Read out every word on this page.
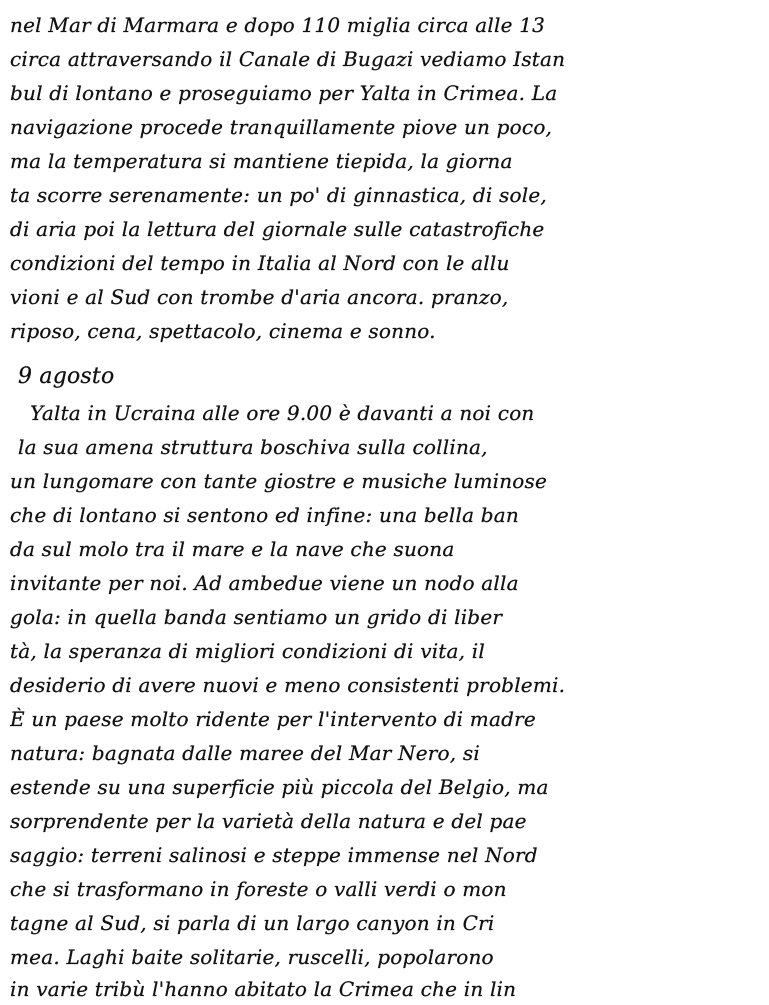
nel Mar di Marmara e dopo 110 miglia circa alle 13
circa attraversando il Canale di Bugazi vediamo Istan
bul di lontano e proseguiamo per Yalta in Crimea. La
navigazione procede tranquillamente piove un poco,
ma la temperatura si mantiene tiepida, la giorna
ta scorre serenamente: un po' di ginnastica, di sole,
di aria poi la lettura del giornale sulle catastrofiche
condizioni del tempo in Italia al Nord con le allu
vioni e al Sud con trombe d'aria ancora. pranzo,
riposo, cena, spettacolo, cinema e sonno.
9 agosto
Yalta in Ucraina alle ore 9.00 è davanti a noi con
la sua amena struttura boschiva sulla collina,
un lungomare con tante giostre e musiche luminose
che di lontano si sentono ed infine: una bella ban
da sul molo tra il mare e la nave che suona
invitante per noi. Ad ambedue viene un nodo alla
gola: in quella banda sentiamo un grido di liber
tà, la speranza di migliori condizioni di vita, il
desiderio di avere nuovi e meno consistenti problemi.
È un paese molto ridente per l'intervento di madre
natura: bagnata dalle maree del Mar Nero, si
estende su una superficie più piccola del Belgio, ma
sorprendente per la varietà della natura e del pae
saggio: terreni salinosi e steppe immense nel Nord
che si trasformano in foreste o valli verdi o mon
tagne al Sud, si parla di un largo canyon in Cri
mea. Laghi baite solitarie, ruscelli, popolarono
in varie tribù l'hanno abitato la Crimea che in lin
